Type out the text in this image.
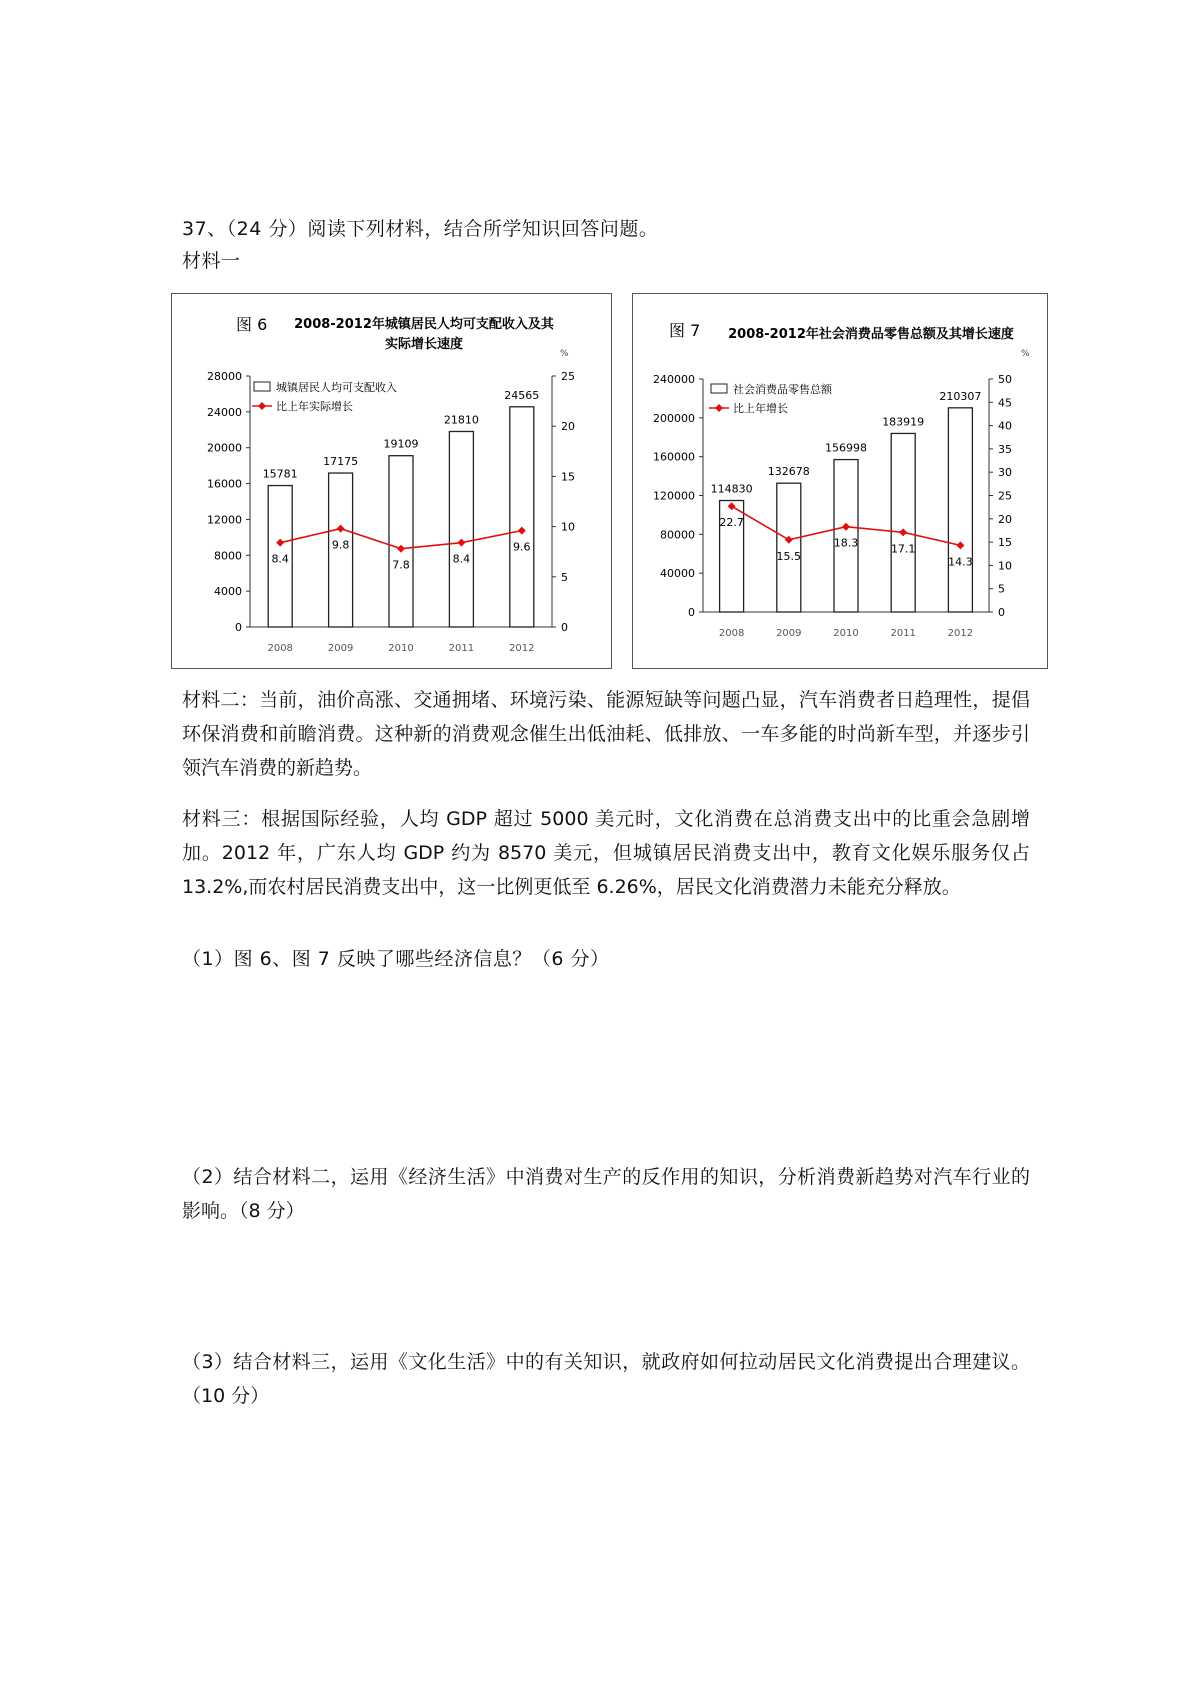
37、（24 分）阅读下列材料，结合所学知识回答问题。
材料一
图 6 2008-2012年城镇居民人均可支配收入及其
实际增长速度
%
城镇居民人均可支配收入
比上年实际增长
0
4000
8000
12000
16000
20000
24000
28000
0
5
10
15
20
25
2008	2009	2010	2011	2012
15781
17175
19109
21810
24565
8.4
9.8
7.8	8.4
9.6
图 7 2008-2012年社会消费品零售总额及其增长速度
%
社会消费品零售总额
比上年增长
0
40000
80000
120000
160000
200000
240000
0
5
10
15
20
25
30
35
40
45
50
2008	2009	2010	2011	2012
114830
132678
156998
183919
210307
22.7
15.5
18.3	17.1
14.3
材料二：当前，油价高涨、交通拥堵、环境污染、能源短缺等问题凸显，汽车消费者日趋理性，提倡环保消费和前瞻消费。这种新的消费观念催生出低油耗、低排放、一车多能的时尚新车型，并逐步引领汽车消费的新趋势。
材料三：根据国际经验，人均 GDP 超过 5000 美元时，文化消费在总消费支出中的比重会急剧增加。2012 年，广东人均 GDP 约为 8570 美元，但城镇居民消费支出中，教育文化娱乐服务仅占 13.2%,而农村居民消费支出中，这一比例更低至 6.26%，居民文化消费潜力未能充分释放。
（1）图 6、图 7 反映了哪些经济信息？（6 分）
（2）结合材料二，运用《经济生活》中消费对生产的反作用的知识，分析消费新趋势对汽车行业的影响。（8 分）
（3）结合材料三，运用《文化生活》中的有关知识，就政府如何拉动居民文化消费提出合理建议。（10 分）
